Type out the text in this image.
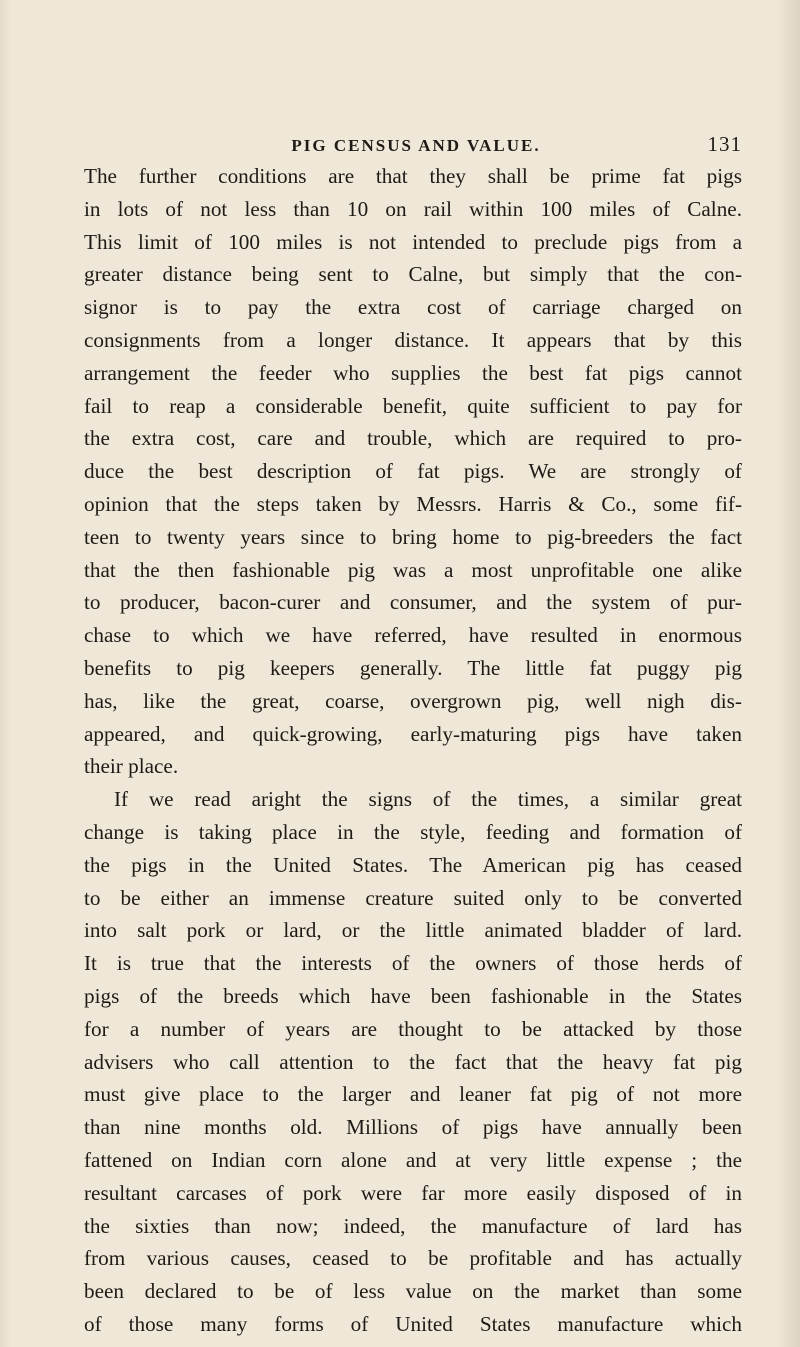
PIG CENSUS AND VALUE.	131
The further conditions are that they shall be prime fat pigs
in lots of not less than 10 on rail within 100 miles of Calne.
This limit of 100 miles is not intended to preclude pigs from a
greater distance being sent to Calne, but simply that the con-
signor is to pay the extra cost of carriage charged on
consignments from a longer distance. It appears that by this
arrangement the feeder who supplies the best fat pigs cannot
fail to reap a considerable benefit, quite sufficient to pay for
the extra cost, care and trouble, which are required to pro-
duce the best description of fat pigs. We are strongly of
opinion that the steps taken by Messrs. Harris & Co., some fif-
teen to twenty years since to bring home to pig-breeders the fact
that the then fashionable pig was a most unprofitable one alike
to producer, bacon-curer and consumer, and the system of pur-
chase to which we have referred, have resulted in enormous
benefits to pig keepers generally. The little fat puggy pig
has, like the great, coarse, overgrown pig, well nigh dis-
appeared, and quick-growing, early-maturing pigs have taken
their place.
If we read aright the signs of the times, a similar great
change is taking place in the style, feeding and formation of
the pigs in the United States. The American pig has ceased
to be either an immense creature suited only to be converted
into salt pork or lard, or the little animated bladder of lard.
It is true that the interests of the owners of those herds of
pigs of the breeds which have been fashionable in the States
for a number of years are thought to be attacked by those
advisers who call attention to the fact that the heavy fat pig
must give place to the larger and leaner fat pig of not more
than nine months old. Millions of pigs have annually been
fattened on Indian corn alone and at very little expense ; the
resultant carcases of pork were far more easily disposed of in
the sixties than now; indeed, the manufacture of lard has
from various causes, ceased to be profitable and has actually
been declared to be of less value on the market than some
of those many forms of United States manufacture which
